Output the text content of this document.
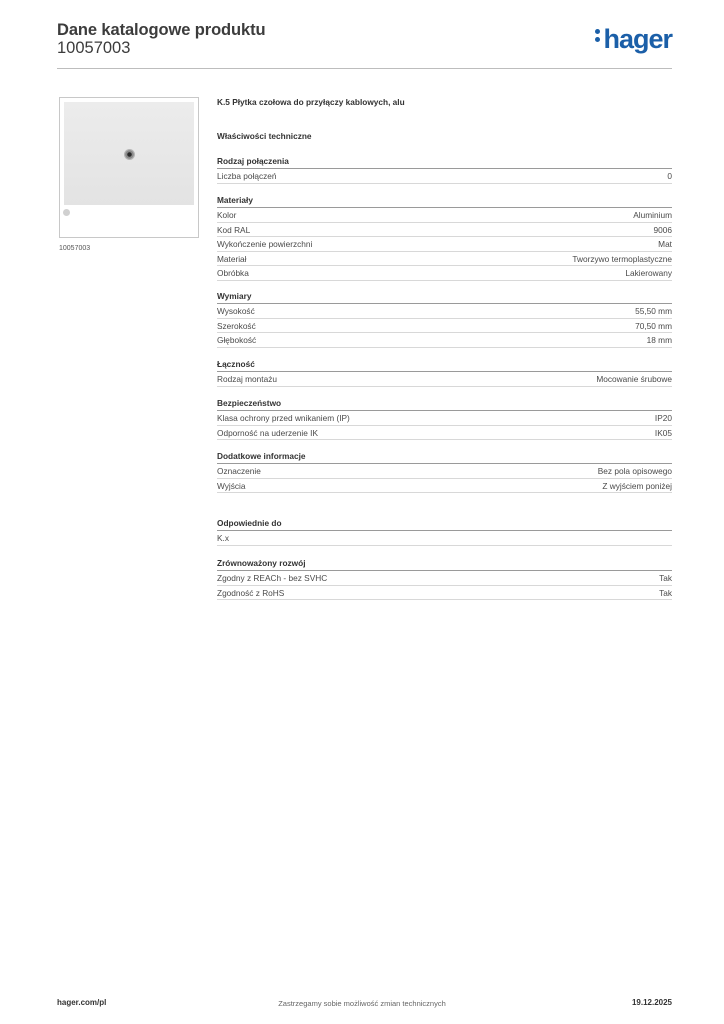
Dane katalogowe produktu
10057003	hager
10057003
K.5 Płytka czołowa do przyłączy kablowych, alu
Właściwości techniczne
Rodzaj połączenia
Liczba połączeń	0
Materiały
Kolor	Aluminium
Kod RAL	9006
Wykończenie powierzchni	Mat
Materiał	Tworzywo termoplastyczne
Obróbka	Lakierowany
Wymiary
Wysokość	55,50 mm
Szerokość	70,50 mm
Głębokość	18 mm
Łączność
Rodzaj montażu	Mocowanie śrubowe
Bezpieczeństwo
Klasa ochrony przed wnikaniem (IP)	IP20
Odporność na uderzenie IK	IK05
Dodatkowe informacje
Oznaczenie	Bez pola opisowego
Wyjścia	Z wyjściem poniżej
Odpowiednie do
K.x
Zrównoważony rozwój
Zgodny z REACh - bez SVHC	Tak
Zgodność z RoHS	Tak
hager.com/pl	Zastrzegamy sobie możliwość zmian technicznych	19.12.2025
